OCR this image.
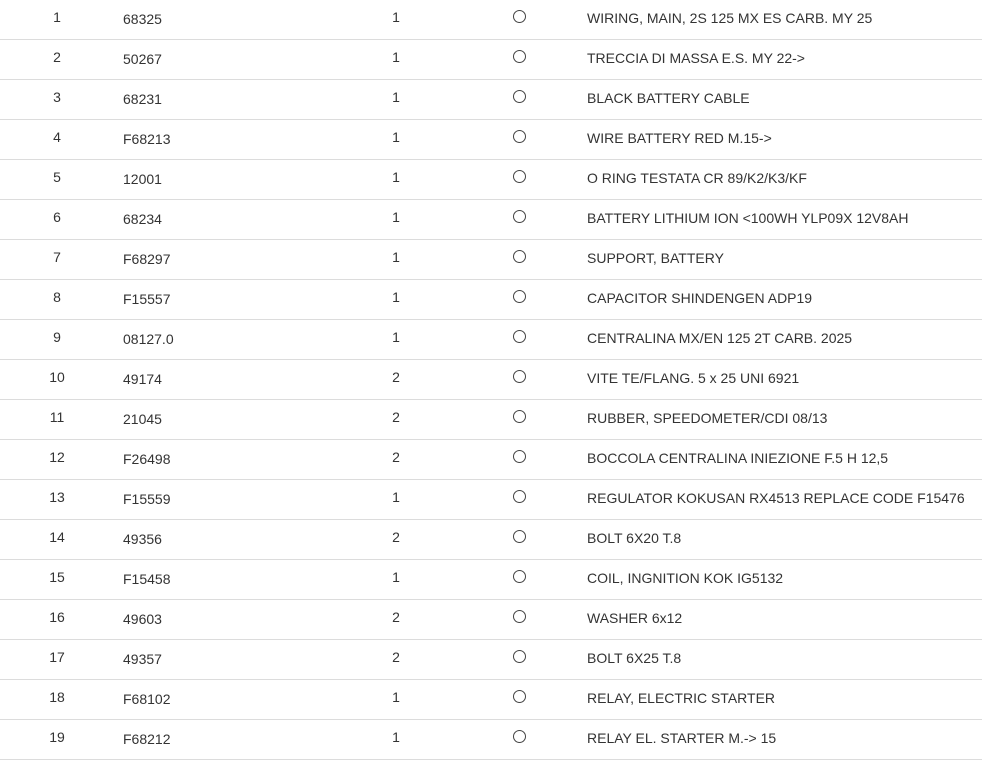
1	68325	1	WIRING, MAIN, 2S 125 MX ES CARB. MY 25
2	50267	1	TRECCIA DI MASSA E.S. MY 22->
3	68231	1	BLACK BATTERY CABLE
4	F68213	1	WIRE BATTERY RED M.15->
5	12001	1	O RING TESTATA CR 89/K2/K3/KF
6	68234	1	BATTERY LITHIUM ION <100WH YLP09X 12V8AH
7	F68297	1	SUPPORT, BATTERY
8	F15557	1	CAPACITOR SHINDENGEN ADP19
9	08127.0	1	CENTRALINA MX/EN 125 2T CARB. 2025
10	49174	2	VITE TE/FLANG. 5 x 25 UNI 6921
11	21045	2	RUBBER, SPEEDOMETER/CDI 08/13
12	F26498	2	BOCCOLA CENTRALINA INIEZIONE F.5 H 12,5
13	F15559	1	REGULATOR KOKUSAN RX4513 REPLACE CODE F15476
14	49356	2	BOLT 6X20 T.8
15	F15458	1	COIL, INGNITION KOK IG5132
16	49603	2	WASHER 6x12
17	49357	2	BOLT 6X25 T.8
18	F68102	1	RELAY, ELECTRIC STARTER
19	F68212	1	RELAY EL. STARTER M.-> 15
